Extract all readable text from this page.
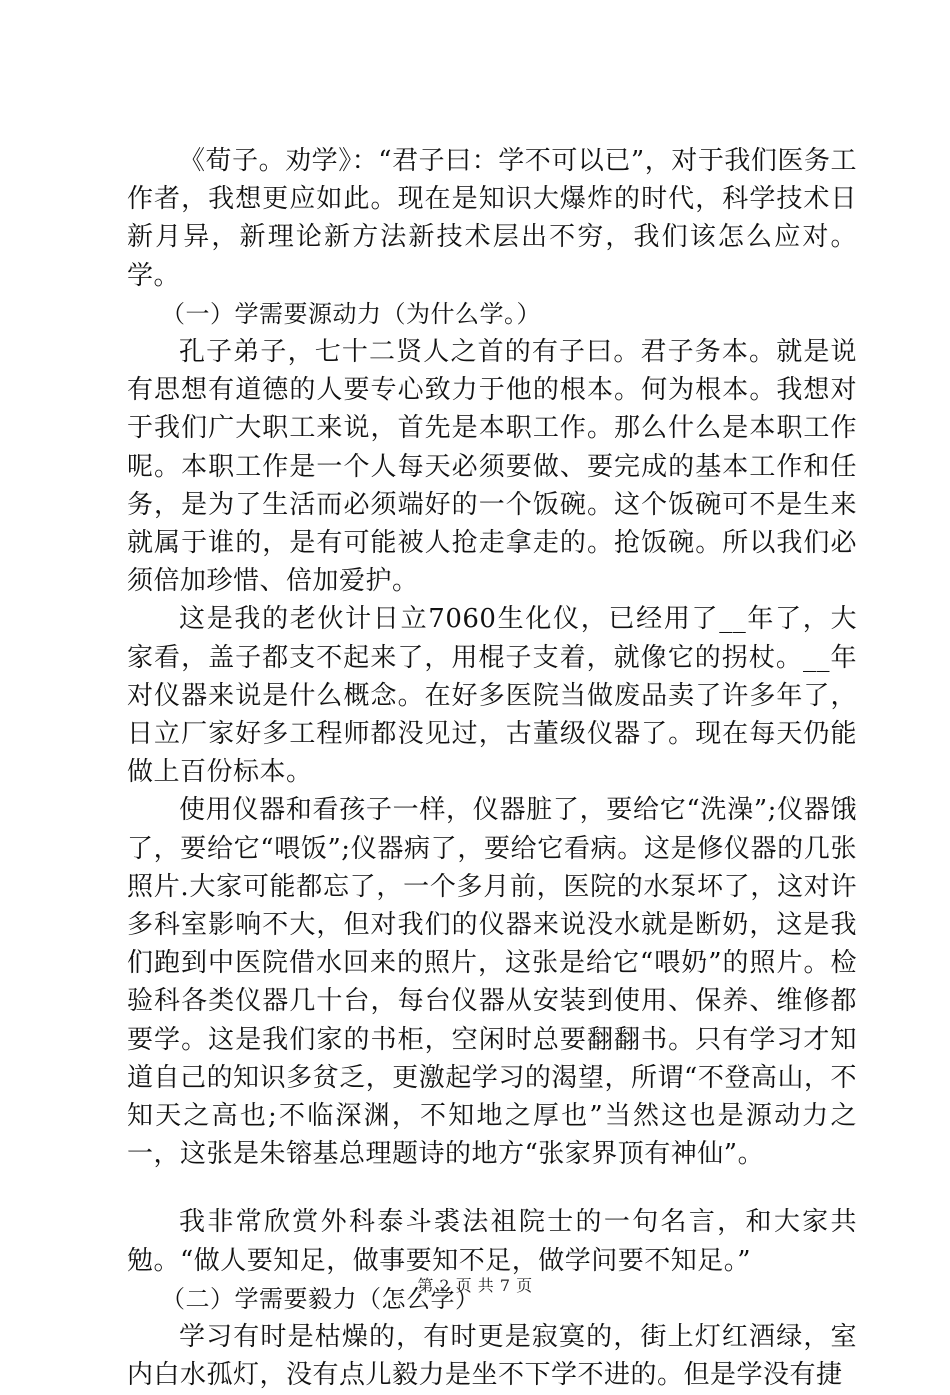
《荀子。劝学》：“君子曰：学不可以已”，对于我们医务工作者，我想更应如此。现在是知识大爆炸的时代，科学技术日新月异，新理论新方法新技术层出不穷，我们该怎么应对。学。

（一）学需要源动力（为什么学。）

孔子弟子，七十二贤人之首的有子曰。君子务本。就是说有思想有道德的人要专心致力于他的根本。何为根本。我想对于我们广大职工来说，首先是本职工作。那么什么是本职工作呢。本职工作是一个人每天必须要做、要完成的基本工作和任务，是为了生活而必须端好的一个饭碗。这个饭碗可不是生来就属于谁的，是有可能被人抢走拿走的。抢饭碗。所以我们必须倍加珍惜、倍加爱护。

这是我的老伙计日立7060生化仪，已经用了__年了，大家看，盖子都支不起来了，用棍子支着，就像它的拐杖。__年对仪器来说是什么概念。在好多医院当做废品卖了许多年了，日立厂家好多工程师都没见过，古董级仪器了。现在每天仍能做上百份标本。

使用仪器和看孩子一样，仪器脏了，要给它“洗澡”;仪器饿了，要给它“喂饭”;仪器病了，要给它看病。这是修仪器的几张照片.大家可能都忘了，一个多月前，医院的水泵坏了，这对许多科室影响不大，但对我们的仪器来说没水就是断奶，这是我们跑到中医院借水回来的照片，这张是给它“喂奶”的照片。检验科各类仪器几十台，每台仪器从安装到使用、保养、维修都要学。这是我们家的书柜，空闲时总要翻翻书。只有学习才知道自己的知识多贫乏，更激起学习的渴望，所谓“不登高山，不知天之高也;不临深渊，不知地之厚也”当然这也是源动力之一，这张是朱镕基总理题诗的地方“张家界顶有神仙”。

我非常欣赏外科泰斗裘法祖院士的一句名言，和大家共勉。“做人要知足，做事要知不足，做学问要不知足。”

（二）学需要毅力（怎么学）

学习有时是枯燥的，有时更是寂寞的，街上灯红酒绿，室内白水孤灯，没有点儿毅力是坐不下学不进的。但是学没有捷

第 2 页 共 7 页
